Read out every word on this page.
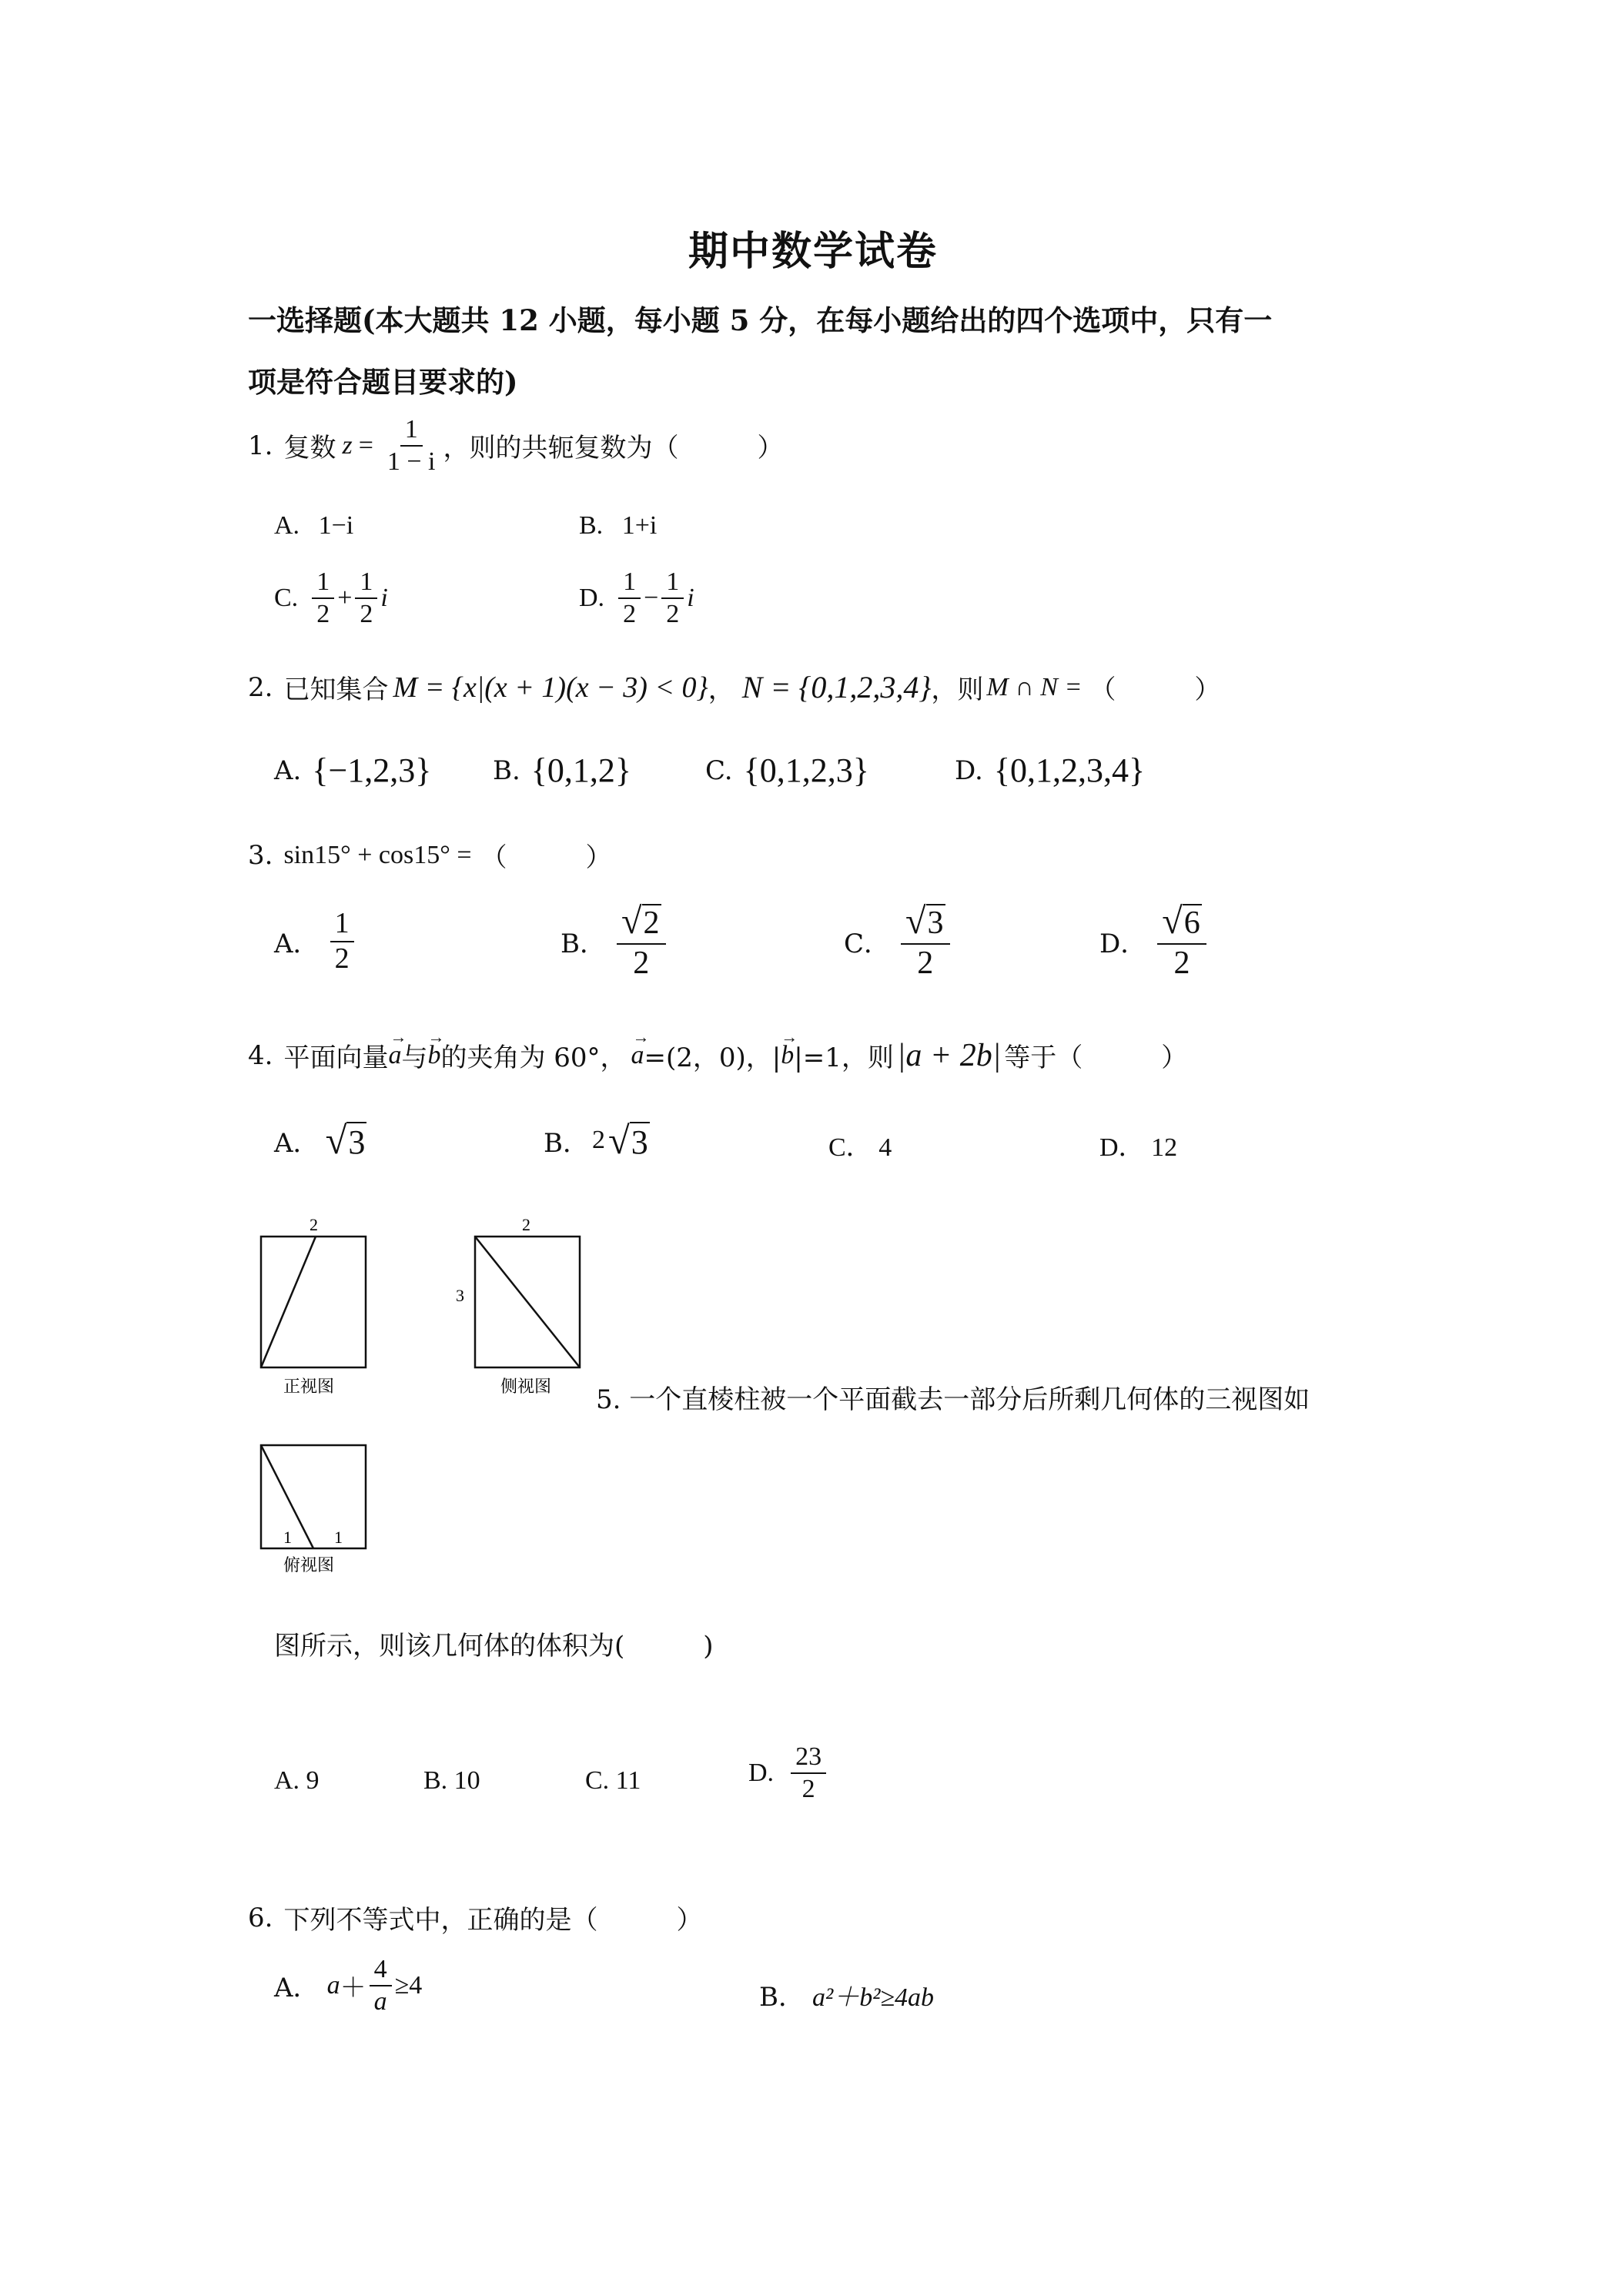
期中数学试卷
一选择题(本大题共 12 小题，每小题 5 分，在每小题给出的四个选项中，只有一
项是符合题目要求的)
1. 复数 $z = \frac{1}{1 - i}$ ，则的共轭复数为（　　　）
A. 1−i	B. 1+i
C. $\frac{1}{2} + \frac{1}{2}$ i	D. $\frac{1}{2} - \frac{1}{2}$ i
2. 已知集合 M = {x|(x + 1)(x − 3) < 0} ， N = {0,1,2,3,4} ，则 M ∩ N = （　　　）
A. {−1,2,3} B. {0,1,2}	C. {0,1,2,3}	D. {0,1,2,3,4}
3. sin15° + cos15° = （　　　）
A． $\frac{1}{2}$	B． $\frac{√2}{2}$	C． $\frac{√3}{2}$	D． $\frac{√6}{2}$
4. 平面向量
→
a 与
→
b 的夹角为 60°，
→
a =(2，0)，|
→
b |=1，则 |a + 2b| 等于（　　　）
A． √3	B． 2 √3	C． 4	D． 12
2
正视图
2
3
侧视图
1	1
俯视图
5. 一个直棱柱被一个平面截去一部分后所剩几何体的三视图如
图所示，则该几何体的体积为(　　　)
A. 9	B. 10	C. 11	D. $\frac{23}{2}$
6. 下列不等式中，正确的是（　　　）
A． $a + \frac{4}{a} \ge 4$	B． a²＋b²≥4ab
